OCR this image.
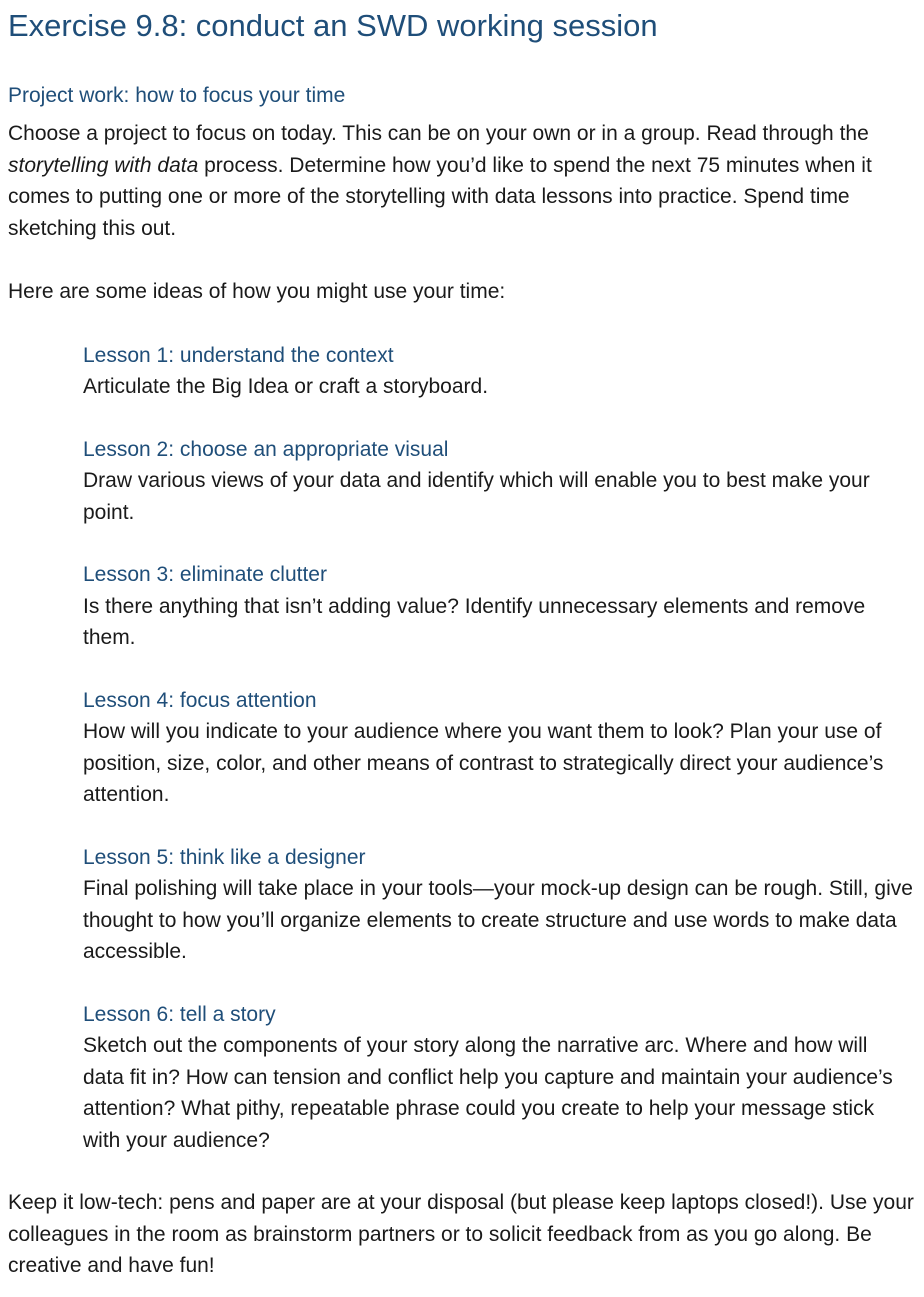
Exercise 9.8: conduct an SWD working session
Project work: how to focus your time

Choose a project to focus on today. This can be on your own or in a group. Read through the storytelling with data process. Determine how you’d like to spend the next 75 minutes when it comes to putting one or more of the storytelling with data lessons into practice. Spend time sketching this out.

Here are some ideas of how you might use your time:

Lesson 1: understand the context

Articulate the Big Idea or craft a storyboard.

Lesson 2: choose an appropriate visual

Draw various views of your data and identify which will enable you to best make your point.

Lesson 3: eliminate clutter

Is there anything that isn’t adding value? Identify unnecessary elements and remove them.

Lesson 4: focus attention

How will you indicate to your audience where you want them to look? Plan your use of position, size, color, and other means of contrast to strategically direct your audience’s attention.

Lesson 5: think like a designer

Final polishing will take place in your tools—your mock-up design can be rough. Still, give thought to how you’ll organize elements to create structure and use words to make data accessible.

Lesson 6: tell a story

Sketch out the components of your story along the narrative arc. Where and how will data fit in? How can tension and conflict help you capture and maintain your audience’s attention? What pithy, repeatable phrase could you create to help your message stick with your audience?

Keep it low-tech: pens and paper are at your disposal (but please keep laptops closed!). Use your colleagues in the room as brainstorm partners or to solicit feedback from as you go along. Be creative and have fun!
